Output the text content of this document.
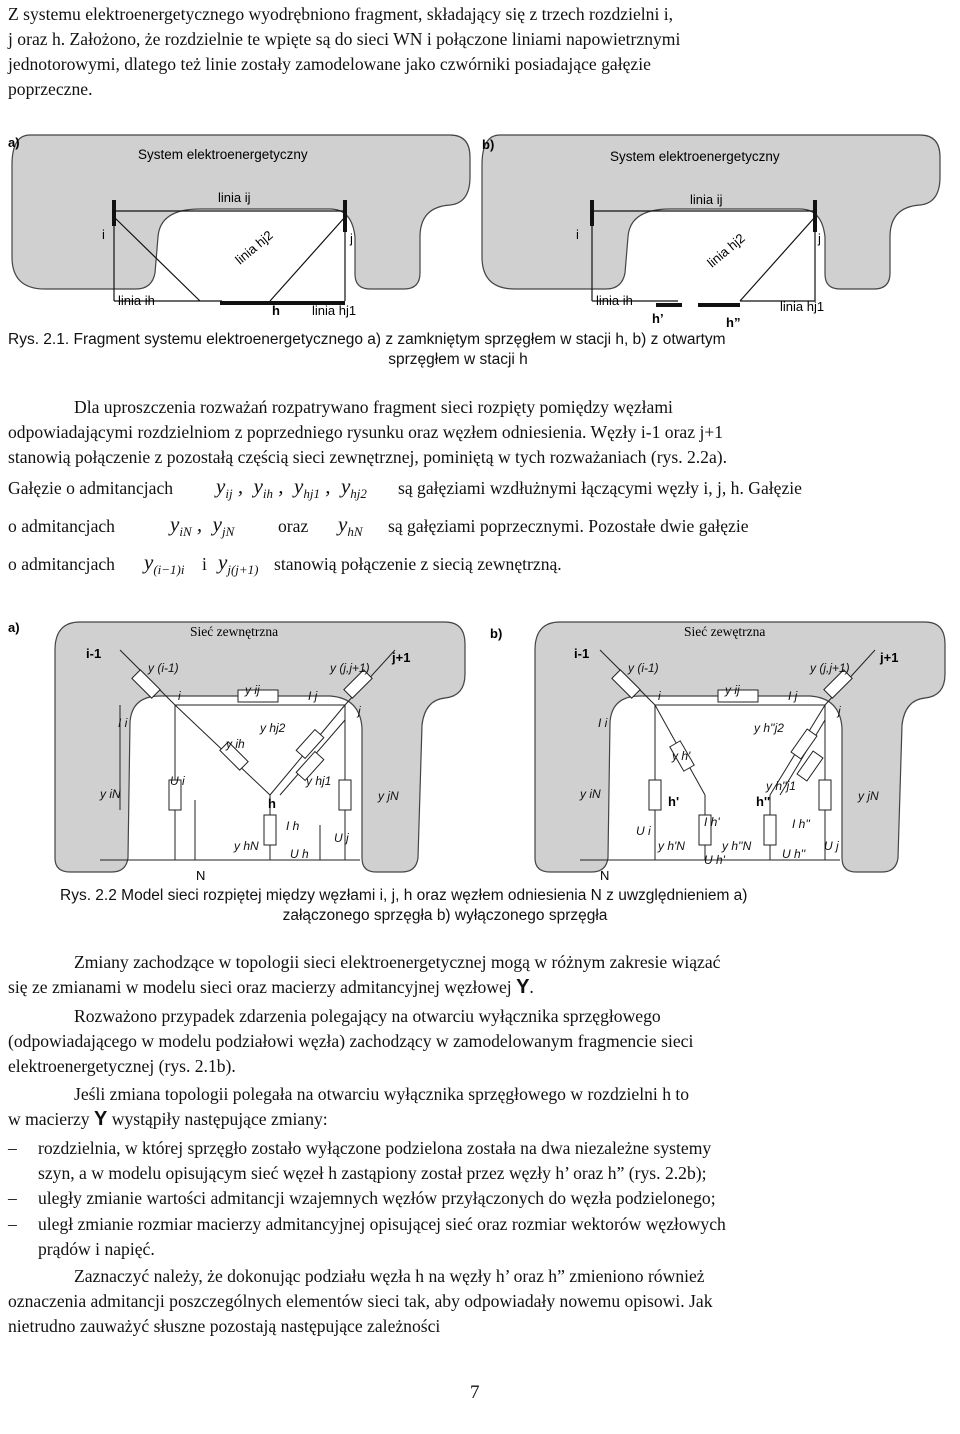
Z systemu elektroenergetycznego wyodrębniono fragment, składający się z trzech rozdzielni i,
j oraz h. Założono, że rozdzielnie te wpięte są do sieci WN i połączone liniami napowietrznymi
jednotorowymi, dlatego też linie zostały zamodelowane jako czwórniki posiadające gałęzie
poprzeczne.
a)	b)
System elektroenergetyczny	System elektroenergetyczny
linia ij	linia ij
linia hj2	linia hj2
i	j	i	j
linia ih
h linia hj1
linia ih
h’	h”
linia hj1
Rys. 2.1. Fragment systemu elektroenergetycznego a) z zamkniętym sprzęgłem w stacji h, b) z otwartym
sprzęgłem w stacji h
Dla uproszczenia rozważań rozpatrywano fragment sieci rozpięty pomiędzy węzłami
odpowiadającymi rozdzielniom z poprzedniego rysunku oraz węzłem odniesienia. Węzły i-1 oraz j+1
stanowią połączenie z pozostałą częścią sieci zewnętrznej, pominiętą w tych rozważaniach (rys. 2.2a).
Gałęzie o admitancjach $y_{ij}$ ,  $y_{ih}$ ,  $y_{hj1}$ ,  $y_{hj2}$ są gałęziami wzdłużnymi łączącymi węzły i, j, h. Gałęzie
o admitancjach	$y_{iN}$ ,  $y_{jN}$ oraz $y_{hN}$ są gałęziami poprzecznymi. Pozostałe dwie gałęzie
o admitancjach $y_{(i-1)i}$ i $y_{j(j+1)}$ stanowią połączenie z siecią zewnętrzną.
a)	b)
Sieć zewnętrzna	Sieć zewętrzna
i-1	j+1	i-1	j+1
y (i-1)	y (j,j+1)
i	y ij	I j
j
I i	y hj2
y ih
y iN
U i	y hj1
y jN
I h
y hN
U h
U j
y (i-1)	y (j,j+1)
i	y ij	I j
j
I i	y h''j2
y h'
y iN
y h''j1
y jN
U i
I h'	I h''
y h'N	y h''N
U h'	U h''
U j
h	h'	h''
N	N
Rys. 2.2 Model sieci rozpiętej między węzłami i, j, h oraz węzłem odniesienia N z uwzględnieniem a)
załączonego sprzęgła b) wyłączonego sprzęgła
Zmiany zachodzące w topologii sieci elektroenergetycznej mogą w różnym zakresie wiązać
się ze zmianami w modelu sieci oraz macierzy admitancyjnej węzłowej Y.
Rozważono przypadek zdarzenia polegający na otwarciu wyłącznika sprzęgłowego
(odpowiadającego w modelu podziałowi węzła) zachodzący w zamodelowanym fragmencie sieci
elektroenergetycznej (rys. 2.1b).
Jeśli zmiana topologii polegała na otwarciu wyłącznika sprzęgłowego w rozdzielni h to
w macierzy Y wystąpiły następujące zmiany:
– rozdzielnia, w której sprzęgło zostało wyłączone podzielona została na dwa niezależne systemy
szyn, a w modelu opisującym sieć węzeł h zastąpiony został przez węzły h’ oraz h” (rys. 2.2b);
– uległy zmianie wartości admitancji wzajemnych węzłów przyłączonych do węzła podzielonego;
– uległ zmianie rozmiar macierzy admitancyjnej opisującej sieć oraz rozmiar wektorów węzłowych
prądów i napięć.
Zaznaczyć należy, że dokonując podziału węzła h na węzły h’ oraz h” zmieniono również
oznaczenia admitancji poszczególnych elementów sieci tak, aby odpowiadały nowemu opisowi. Jak
nietrudno zauważyć słuszne pozostają następujące zależności
7
